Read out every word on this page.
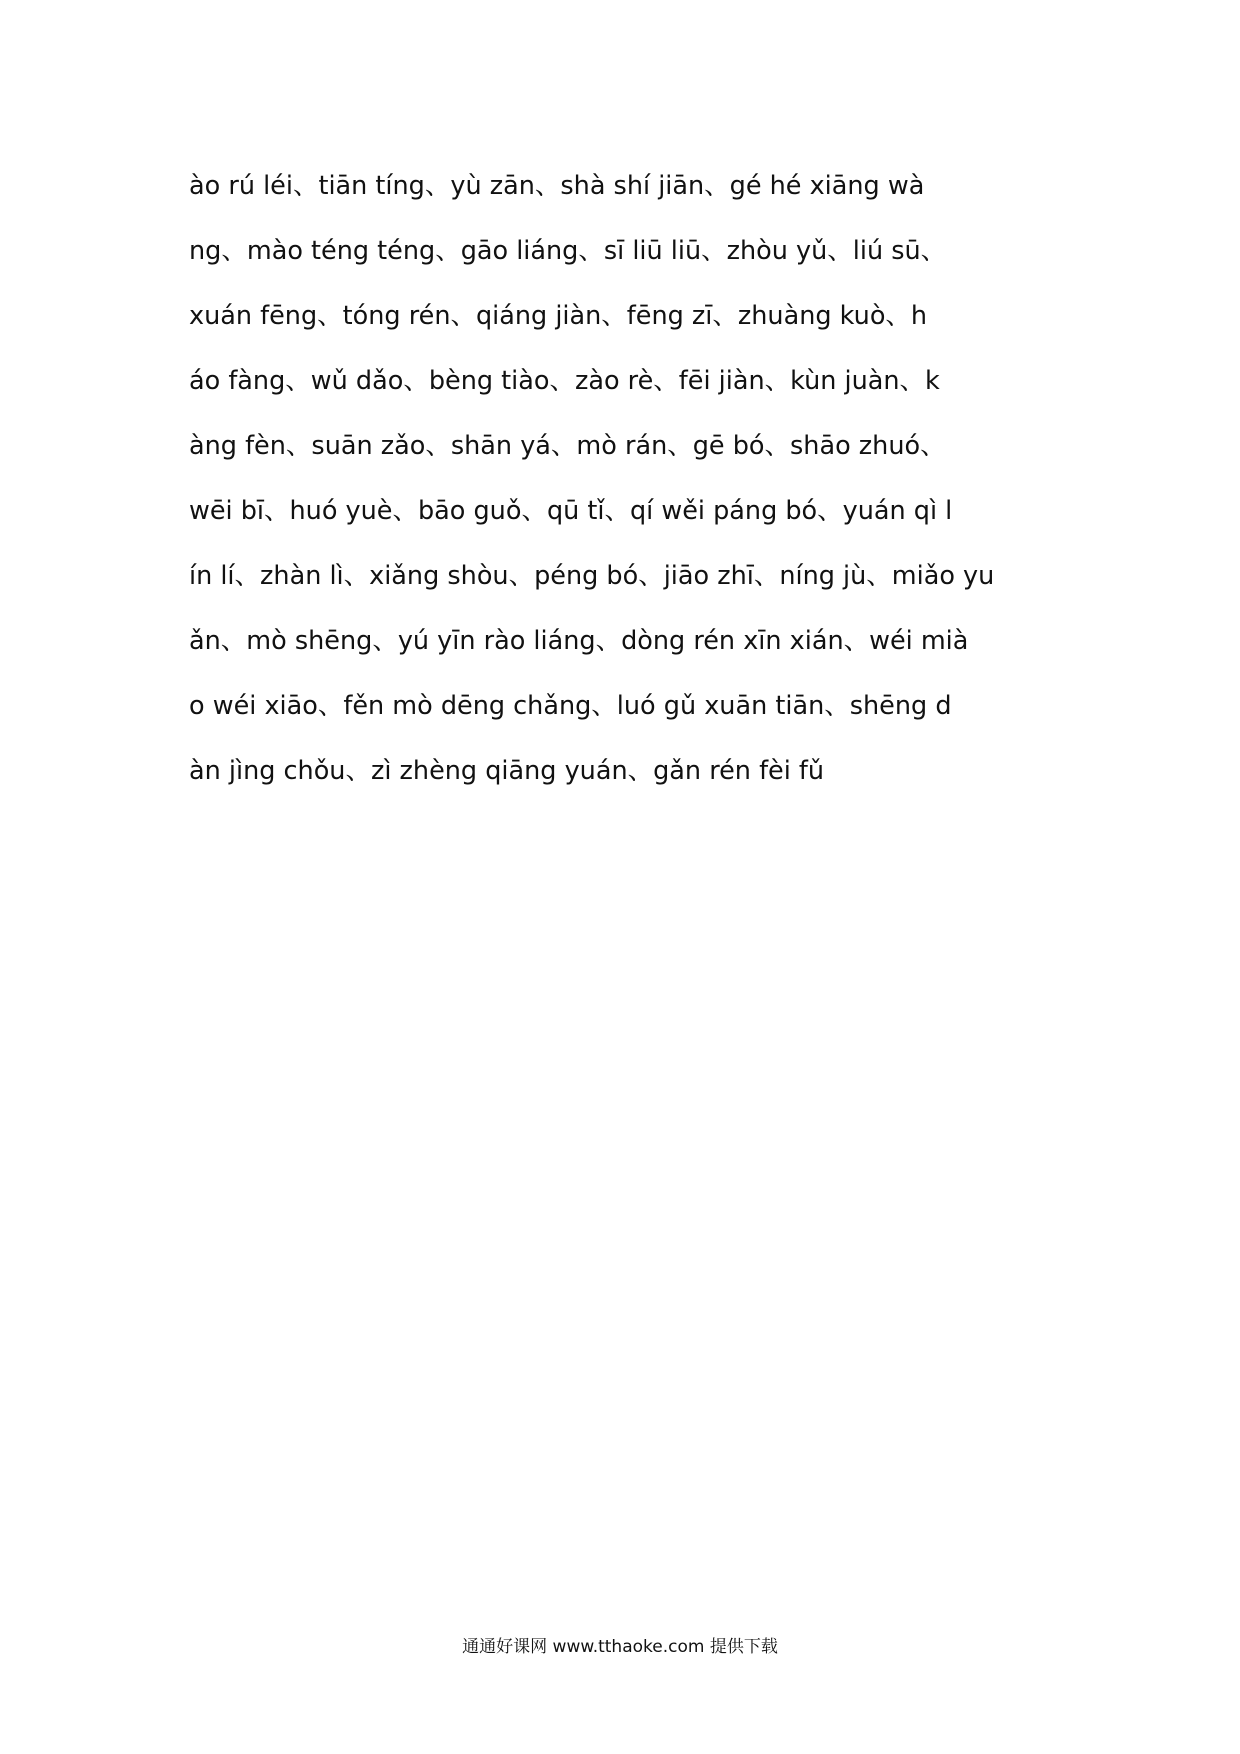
ào rú léi、tiān tíng、yù zān、shà shí jiān、gé hé xiāng wà
ng、mào téng téng、gāo liáng、sī liū liū、zhòu yǔ、liú sū、
xuán fēng、tóng rén、qiáng jiàn、fēng zī、zhuàng kuò、h
áo fàng、wǔ dǎo、bèng tiào、zào rè、fēi jiàn、kùn juàn、k
àng fèn、suān zǎo、shān yá、mò rán、gē bó、shāo zhuó、
wēi bī、huó yuè、bāo guǒ、qū tǐ、qí wěi páng bó、yuán qì l
ín lí、zhàn lì、xiǎng shòu、péng bó、jiāo zhī、níng jù、miǎo yu
ǎn、mò shēng、yú yīn rào liáng、dòng rén xīn xián、wéi mià
o wéi xiāo、fěn mò dēng chǎng、luó gǔ xuān tiān、shēng d
àn jìng chǒu、zì zhèng qiāng yuán、gǎn rén fèi fǔ
通通好课网 www.tthaoke.com 提供下载
